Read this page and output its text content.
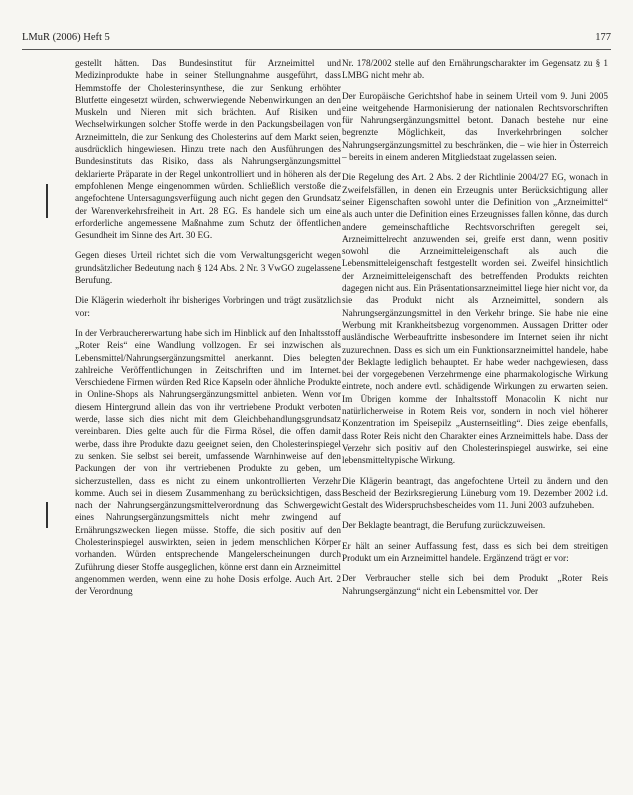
LMuR (2006) Heft 5	177

gestellt hätten. Das Bundesinstitut für Arzneimittel und Medizinprodukte habe in seiner Stellungnahme ausgeführt, dass Hemmstoffe der Cholesterinsynthese, die zur Senkung erhöhter Blutfette eingesetzt würden, schwerwiegende Nebenwirkungen an den Muskeln und Nieren mit sich brächten. Auf Risiken und Wechselwirkungen solcher Stoffe werde in den Packungsbeilagen von Arzneimitteln, die zur Senkung des Cholesterins auf dem Markt seien, ausdrücklich hingewiesen. Hinzu trete nach den Ausführungen des Bundesinstituts das Risiko, dass als Nahrungsergänzungsmittel deklarierte Präparate in der Regel unkontrolliert und in höheren als der empfohlenen Menge eingenommen würden. Schließlich verstoße die angefochtene Untersagungsverfügung auch nicht gegen den Grundsatz der Warenverkehrsfreiheit in Art. 28 EG. Es handele sich um eine erforderliche angemessene Maßnahme zum Schutz der öffentlichen Gesundheit im Sinne des Art. 30 EG.

Gegen dieses Urteil richtet sich die vom Verwaltungsgericht wegen grundsätzlicher Bedeutung nach § 124 Abs. 2 Nr. 3 VwGO zugelassene Berufung.

Die Klägerin wiederholt ihr bisheriges Vorbringen und trägt zusätzlich vor:

In der Verbrauchererwartung habe sich im Hinblick auf den Inhaltsstoff „Roter Reis“ eine Wandlung vollzogen. Er sei inzwischen als Lebensmittel/Nahrungsergänzungsmittel anerkannt. Dies belegten zahlreiche Veröffentlichungen in Zeitschriften und im Internet. Verschiedene Firmen würden Red Rice Kapseln oder ähnliche Produkte in Online-Shops als Nahrungsergänzungsmittel anbieten. Wenn vor diesem Hintergrund allein das von ihr vertriebene Produkt verboten werde, lasse sich dies nicht mit dem Gleichbehandlungsgrundsatz vereinbaren. Dies gelte auch für die Firma Rösel, die offen damit werbe, dass ihre Produkte dazu geeignet seien, den Cholesterinspiegel zu senken. Sie selbst sei bereit, umfassende Warnhinweise auf den Packungen der von ihr vertriebenen Produkte zu geben, um sicherzustellen, dass es nicht zu einem unkontrollierten Verzehr komme. Auch sei in diesem Zusammenhang zu berücksichtigen, dass nach der Nahrungsergänzungsmittelverordnung das Schwergewicht eines Nahrungsergänzungsmittels nicht mehr zwingend auf Ernährungszwecken liegen müsse. Stoffe, die sich positiv auf den Cholesterinspiegel auswirkten, seien in jedem menschlichen Körper vorhanden. Würden entsprechende Mangelerscheinungen durch Zuführung dieser Stoffe ausgeglichen, könne erst dann ein Arzneimittel angenommen werden, wenn eine zu hohe Dosis erfolge. Auch Art. 2 der Verordnung

Nr. 178/2002 stelle auf den Ernährungscharakter im Gegensatz zu § 1 LMBG nicht mehr ab.

Der Europäische Gerichtshof habe in seinem Urteil vom 9. Juni 2005 eine weitgehende Harmonisierung der nationalen Rechtsvorschriften für Nahrungsergänzungsmittel betont. Danach bestehe nur eine begrenzte Möglichkeit, das Inverkehrbringen solcher Nahrungsergänzungsmittel zu beschränken, die – wie hier in Österreich – bereits in einem anderen Mitgliedstaat zugelassen seien.

Die Regelung des Art. 2 Abs. 2 der Richtlinie 2004/27 EG, wonach in Zweifelsfällen, in denen ein Erzeugnis unter Berücksichtigung aller seiner Eigenschaften sowohl unter die Definition von „Arzneimittel“ als auch unter die Definition eines Erzeugnisses fallen könne, das durch andere gemeinschaftliche Rechtsvorschriften geregelt sei, Arzneimittelrecht anzuwenden sei, greife erst dann, wenn positiv sowohl die Arzneimitteleigenschaft als auch die Lebensmitteleigenschaft festgestellt worden sei. Zweifel hinsichtlich der Arzneimitteleigenschaft des betreffenden Produkts reichten dagegen nicht aus. Ein Präsentationsarzneimittel liege hier nicht vor, da sie das Produkt nicht als Arzneimittel, sondern als Nahrungsergänzungsmittel in den Verkehr bringe. Sie habe nie eine Werbung mit Krankheitsbezug vorgenommen. Aussagen Dritter oder ausländische Werbeauftritte insbesondere im Internet seien ihr nicht zuzurechnen. Dass es sich um ein Funktionsarzneimittel handele, habe der Beklagte lediglich behauptet. Er habe weder nachgewiesen, dass bei der vorgegebenen Verzehrmenge eine pharmakologische Wirkung eintrete, noch andere evtl. schädigende Wirkungen zu erwarten seien. Im Übrigen komme der Inhaltsstoff Monacolin K nicht nur natürlicherweise in Rotem Reis vor, sondern in noch viel höherer Konzentration im Speisepilz „Austernseitling“. Dies zeige ebenfalls, dass Roter Reis nicht den Charakter eines Arzneimittels habe. Dass der Verzehr sich positiv auf den Cholesterinspiegel auswirke, sei eine lebensmitteltypische Wirkung.

Die Klägerin beantragt, das angefochtene Urteil zu ändern und den Bescheid der Bezirksregierung Lüneburg vom 19. Dezember 2002 i.d. Gestalt des Widerspruchsbescheides vom 11. Juni 2003 aufzuheben.

Der Beklagte beantragt, die Berufung zurückzuweisen.

Er hält an seiner Auffassung fest, dass es sich bei dem streitigen Produkt um ein Arzneimittel handele. Ergänzend trägt er vor:

Der Verbraucher stelle sich bei dem Produkt „Roter Reis Nahrungsergänzung“ nicht ein Lebensmittel vor. Der
